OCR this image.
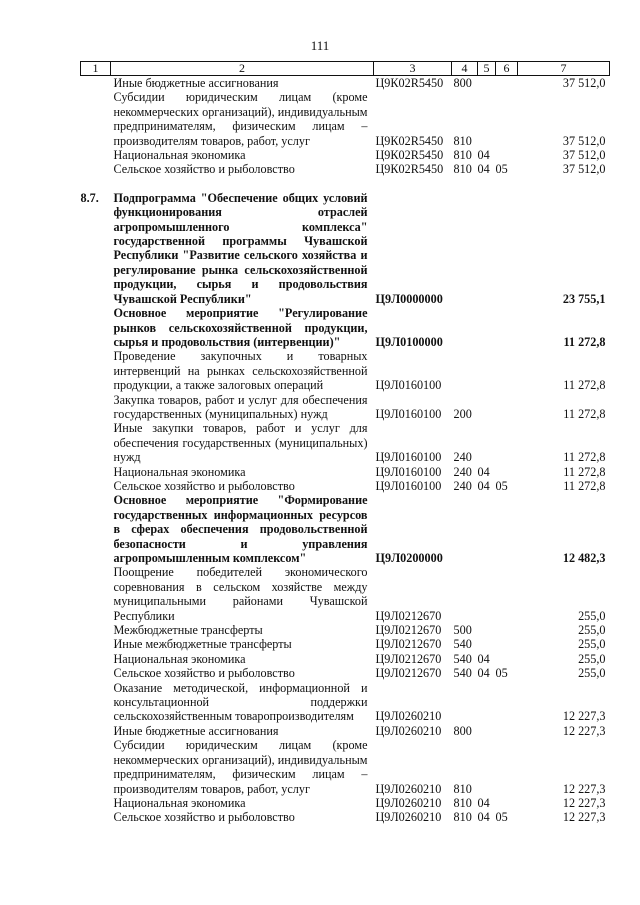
111
1	2	3	4	5	6	7
	Иные бюджетные ассигнования	Ц9К02R5450	800			37 512,0
	Субсидии юридическим лицам (кроме некоммерческих организаций), индивидуальным предпринимателям, физическим лицам – производителям товаров, работ, услуг	Ц9К02R5450	810			37 512,0
	Национальная экономика	Ц9К02R5450	810	04		37 512,0
	Сельское хозяйство и рыболовство	Ц9К02R5450	810	04	05	37 512,0

8.7.	Подпрограмма "Обеспечение общих условий функционирования отраслей агропромышленного комплекса" государственной программы Чувашской Республики "Развитие сельского хозяйства и регулирование рынка сельскохозяйственной продукции, сырья и продовольствия Чувашской Республики"	Ц9Л0000000				23 755,1
	Основное мероприятие "Регулирование рынков сельскохозяйственной продукции, сырья и продовольствия (интервенции)"	Ц9Л0100000				11 272,8
	Проведение закупочных и товарных интервенций на рынках сельскохозяйственной продукции, а также залоговых операций	Ц9Л0160100				11 272,8
	Закупка товаров, работ и услуг для обеспечения государственных (муниципальных) нужд	Ц9Л0160100	200			11 272,8
	Иные закупки товаров, работ и услуг для обеспечения государственных (муниципальных) нужд	Ц9Л0160100	240			11 272,8
	Национальная экономика	Ц9Л0160100	240	04		11 272,8
	Сельское хозяйство и рыболовство	Ц9Л0160100	240	04	05	11 272,8
	Основное мероприятие "Формирование государственных информационных ресурсов в сферах обеспечения продовольственной безопасности и управления агропромышленным комплексом"	Ц9Л0200000				12 482,3
	Поощрение победителей экономического соревнования в сельском хозяйстве между муниципальными районами Чувашской Республики	Ц9Л0212670				255,0
	Межбюджетные трансферты	Ц9Л0212670	500			255,0
	Иные межбюджетные трансферты	Ц9Л0212670	540			255,0
	Национальная экономика	Ц9Л0212670	540	04		255,0
	Сельское хозяйство и рыболовство	Ц9Л0212670	540	04	05	255,0
	Оказание методической, информационной и консультационной поддержки сельскохозяйственным товаропроизводителям	Ц9Л0260210				12 227,3
	Иные бюджетные ассигнования	Ц9Л0260210	800			12 227,3
	Субсидии юридическим лицам (кроме некоммерческих организаций), индивидуальным предпринимателям, физическим лицам – производителям товаров, работ, услуг	Ц9Л0260210	810			12 227,3
	Национальная экономика	Ц9Л0260210	810	04		12 227,3
	Сельское хозяйство и рыболовство	Ц9Л0260210	810	04	05	12 227,3
